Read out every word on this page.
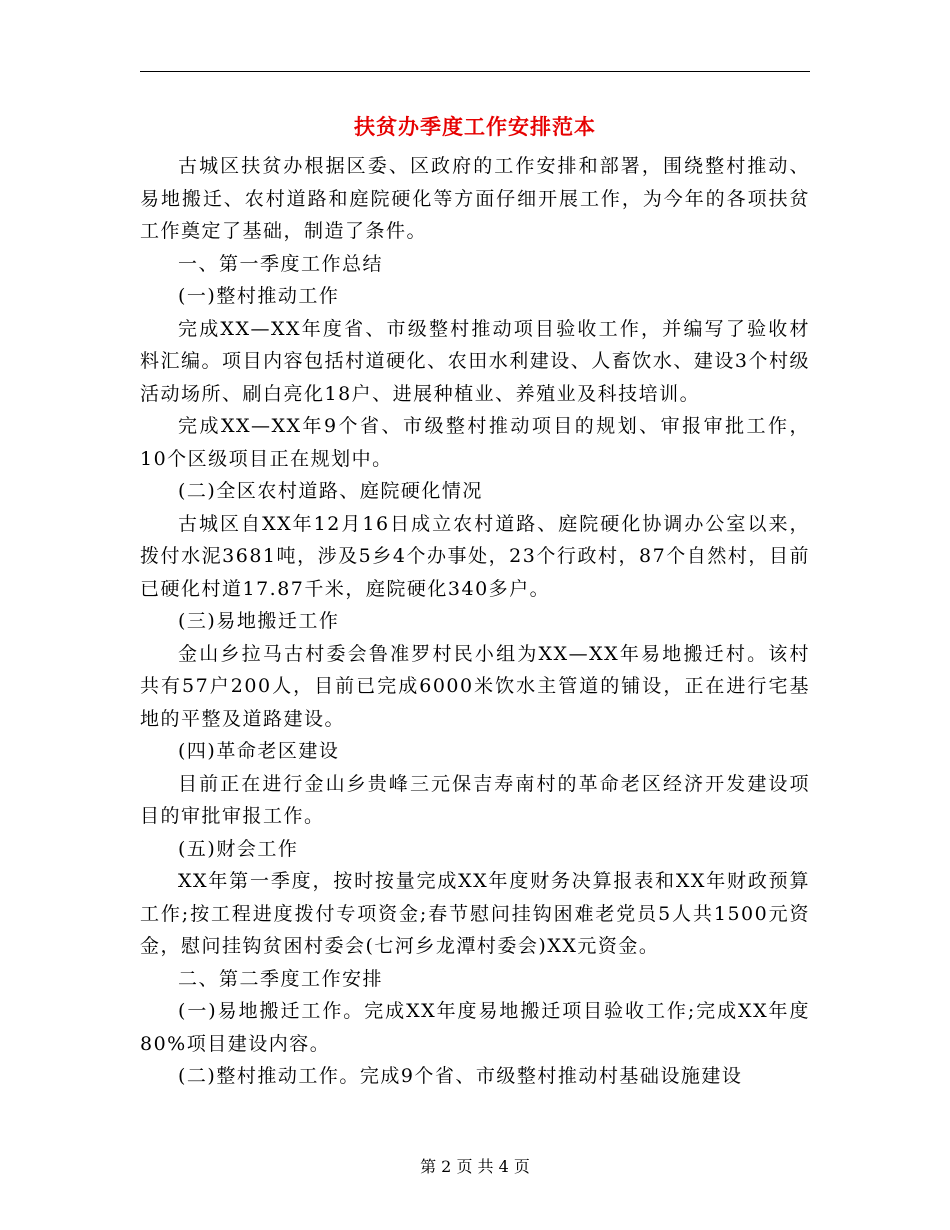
扶贫办季度工作安排范本

古城区扶贫办根据区委、区政府的工作安排和部署，围绕整村推动、易地搬迁、农村道路和庭院硬化等方面仔细开展工作，为今年的各项扶贫工作奠定了基础，制造了条件。

一、第一季度工作总结

(一)整村推动工作

完成XX—XX年度省、市级整村推动项目验收工作，并编写了验收材料汇编。项目内容包括村道硬化、农田水利建设、人畜饮水、建设3个村级活动场所、刷白亮化18户、进展种植业、养殖业及科技培训。

完成XX—XX年9个省、市级整村推动项目的规划、审报审批工作，10个区级项目正在规划中。

(二)全区农村道路、庭院硬化情况

古城区自XX年12月16日成立农村道路、庭院硬化协调办公室以来，拨付水泥3681吨，涉及5乡4个办事处，23个行政村，87个自然村，目前已硬化村道17.87千米，庭院硬化340多户。

(三)易地搬迁工作

金山乡拉马古村委会鲁准罗村民小组为XX—XX年易地搬迁村。该村共有57户200人，目前已完成6000米饮水主管道的铺设，正在进行宅基地的平整及道路建设。

(四)革命老区建设

目前正在进行金山乡贵峰三元保吉寿南村的革命老区经济开发建设项目的审批审报工作。

(五)财会工作

XX年第一季度，按时按量完成XX年度财务决算报表和XX年财政预算工作;按工程进度拨付专项资金;春节慰问挂钩困难老党员5人共1500元资金，慰问挂钩贫困村委会(七河乡龙潭村委会)XX元资金。

二、第二季度工作安排

(一)易地搬迁工作。完成XX年度易地搬迁项目验收工作;完成XX年度80%项目建设内容。

(二)整村推动工作。完成9个省、市级整村推动村基础设施建设

第 2 页 共 4 页
